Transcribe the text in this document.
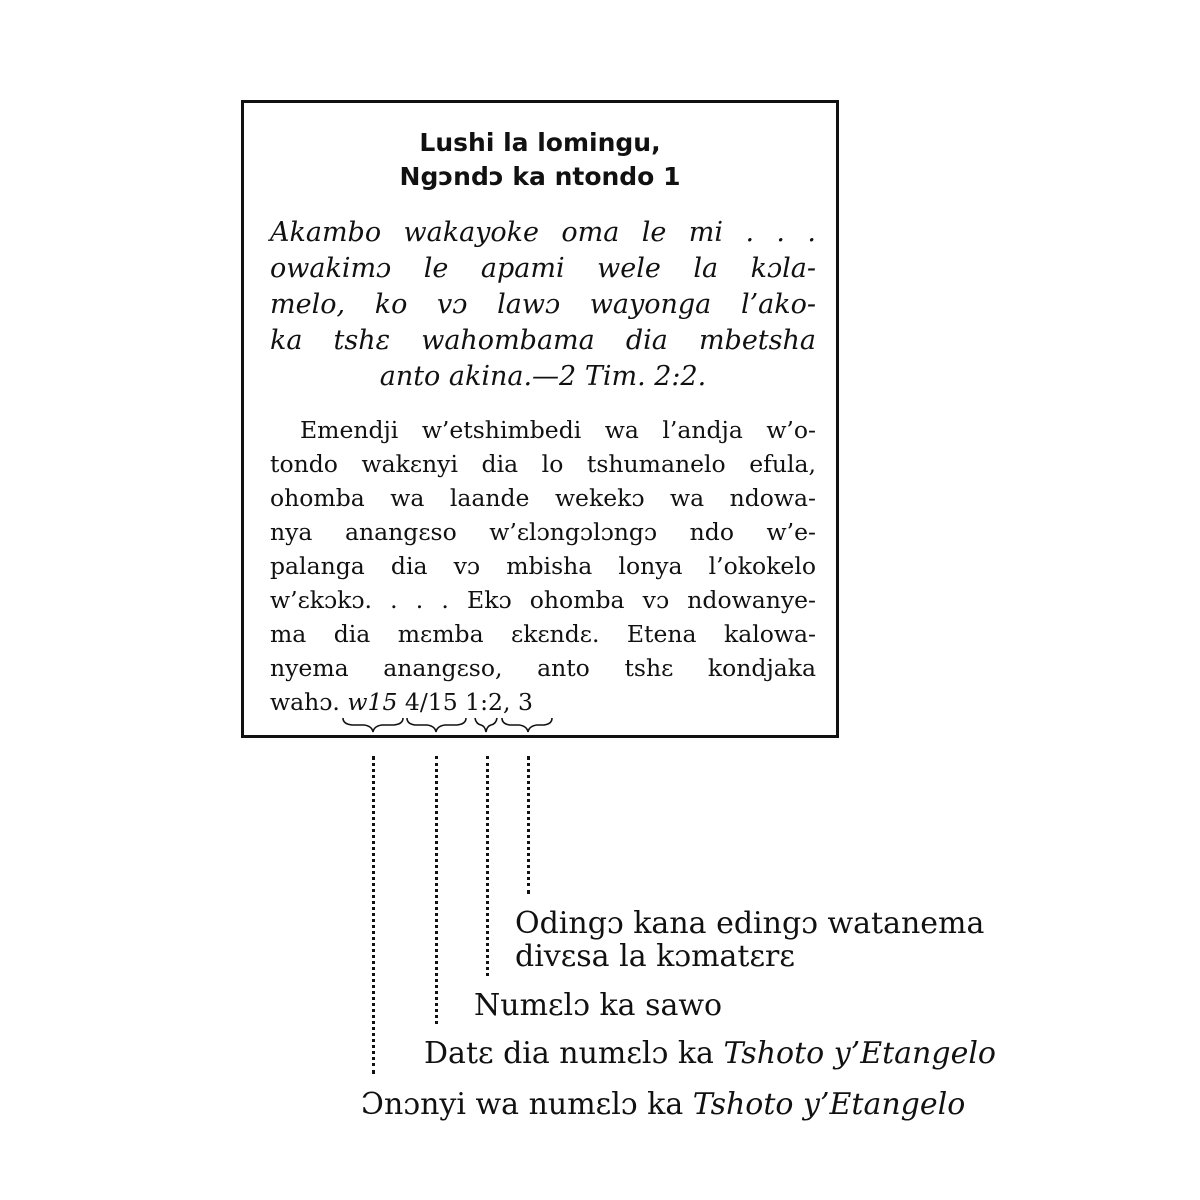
Lushi la lomingu,
Ngɔndɔ ka ntondo 1
Akambo wakayoke oma le mi . . .
owakimɔ le apami wele la kɔla-
melo, ko vɔ lawɔ wayonga l’ako-
ka tshɛ wahombama dia mbetsha
anto akina.—2 Tim. 2:2.
Emendji w’etshimbedi wa l’andja w’o-
tondo wakɛnyi dia lo tshumanelo efula,
ohomba wa laande wekekɔ wa ndowa-
nya anangɛso w’ɛlɔngɔlɔngɔ ndo w’e-
palanga dia vɔ mbisha lonya l’okokelo
w’ɛkɔkɔ. . . . Ekɔ ohomba vɔ ndowanye-
ma dia mɛmba ɛkɛndɛ. Etena kalowa-
nyema anangɛso, anto tshɛ kondjaka
wahɔ. w15 4/15 1:2, 3
Odingɔ kana edingɔ watanema
divɛsa la kɔmatɛrɛ
Numɛlɔ ka sawo
Datɛ dia numɛlɔ ka Tshoto y’Etangelo
Ɔnɔnyi wa numɛlɔ ka Tshoto y’Etangelo
